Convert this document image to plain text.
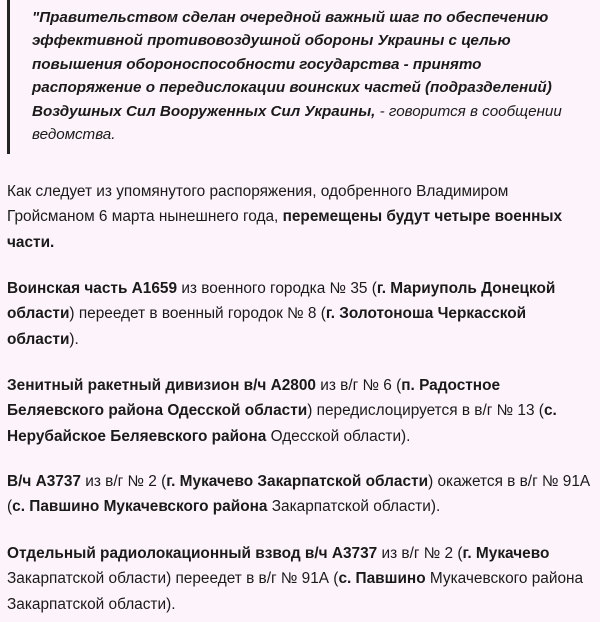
"Правительством сделан очередной важный шаг по обеспечению эффективной противовоздушной обороны Украины с целью повышения обороноспособности государства - принято распоряжение о передислокации воинских частей (подразделений) Воздушных Сил Вооруженных Сил Украины, - говорится в сообщении ведомства.

Как следует из упомянутого распоряжения, одобренного Владимиром Гройсманом 6 марта нынешнего года, перемещены будут четыре военных части.

Воинская часть А1659 из военного городка № 35 (г. Мариуполь Донецкой области) переедет в военный городок № 8 (г. Золотоноша Черкасской области).

Зенитный ракетный дивизион в/ч А2800 из в/г № 6 (п. Радостное Беляевского района Одесской области) передислоцируется в в/г № 13 (с. Нерубайское Беляевского района Одесской области).

В/ч А3737 из в/г № 2 (г. Мукачево Закарпатской области) окажется в в/г № 91А (с. Павшино Мукачевского района Закарпатской области).

Отдельный радиолокационный взвод в/ч А3737 из в/г № 2 (г. Мукачево Закарпатской области) переедет в в/г № 91А (с. Павшино Мукачевского района Закарпатской области).
